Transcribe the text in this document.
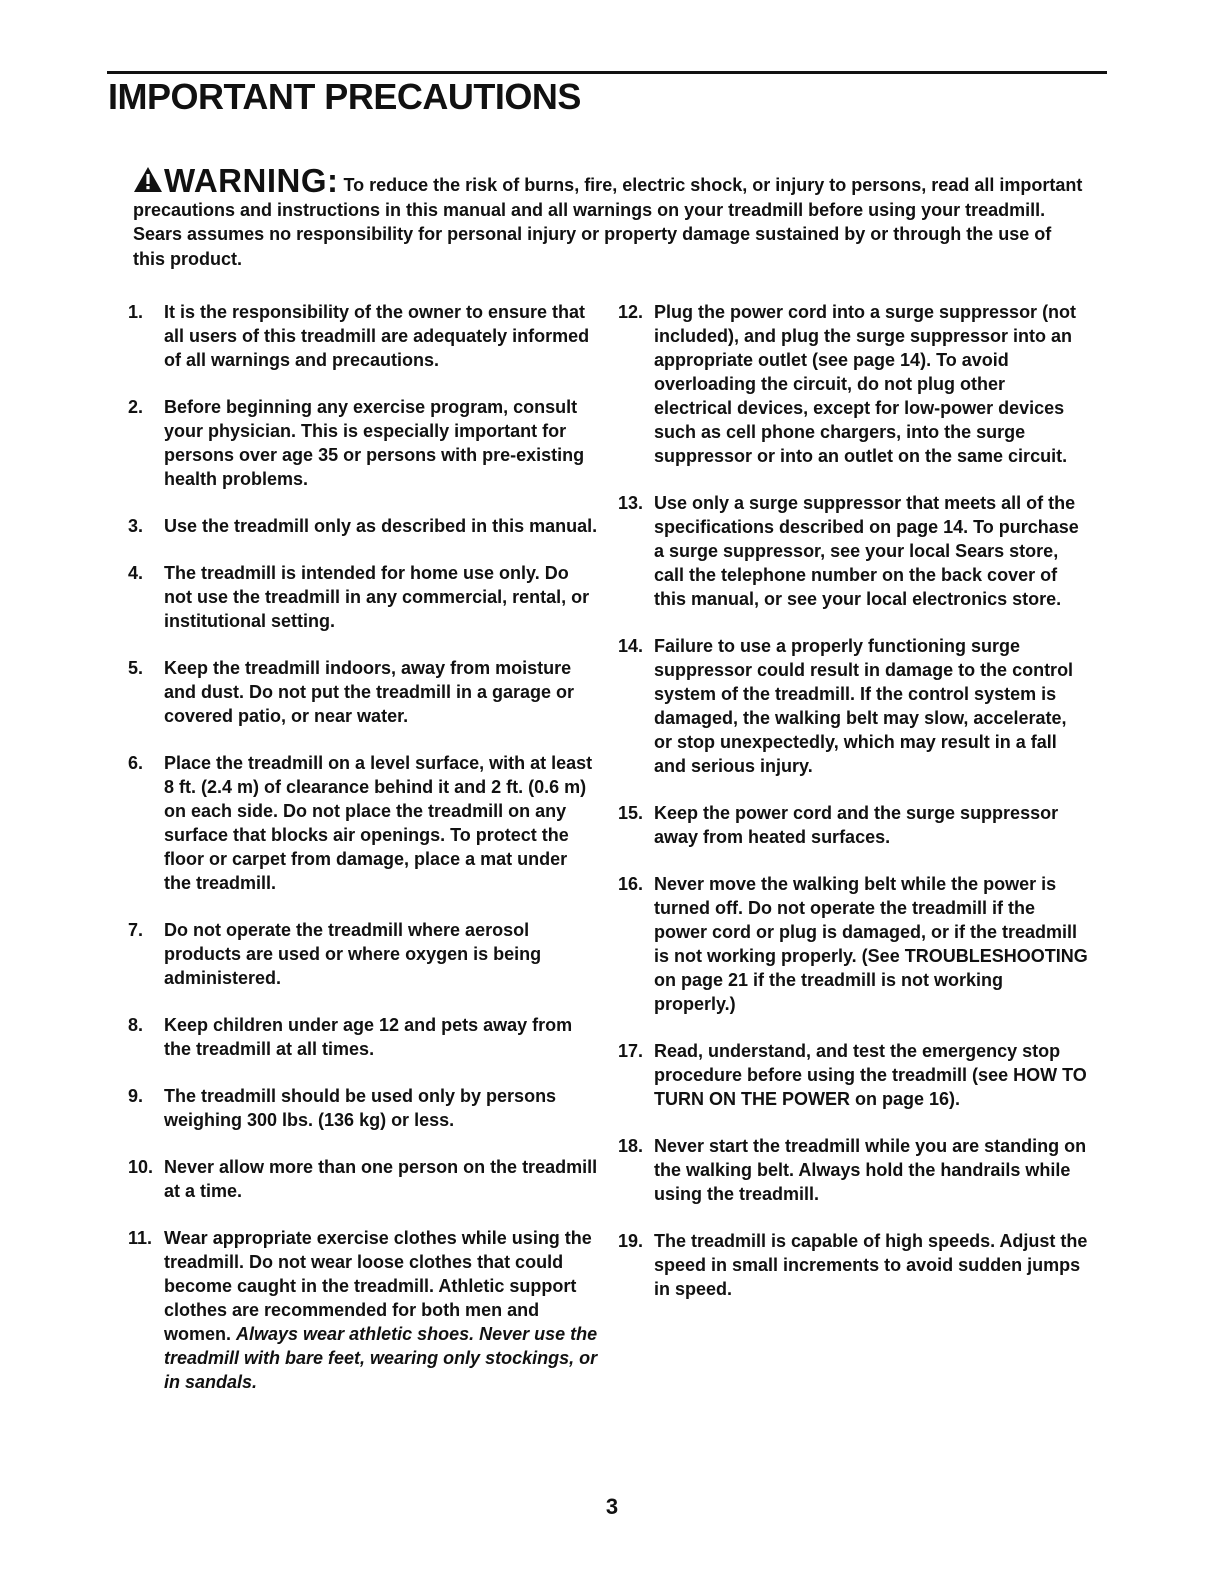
IMPORTANT PRECAUTIONS
WARNING: To reduce the risk of burns, fire, electric shock, or injury to persons, read all important precautions and instructions in this manual and all warnings on your treadmill before using your treadmill. Sears assumes no responsibility for personal injury or property damage sustained by or through the use of this product.
1.	It is the responsibility of the owner to ensure that all users of this treadmill are adequately informed of all warnings and precautions.
2.	Before beginning any exercise program, consult your physician. This is especially important for persons over age 35 or persons with pre-existing health problems.
3.	Use the treadmill only as described in this manual.
4.	The treadmill is intended for home use only. Do not use the treadmill in any commercial, rental, or institutional setting.
5.	Keep the treadmill indoors, away from moisture and dust. Do not put the treadmill in a garage or covered patio, or near water.
6.	Place the treadmill on a level surface, with at least 8 ft. (2.4 m) of clearance behind it and 2 ft. (0.6 m) on each side. Do not place the treadmill on any surface that blocks air openings. To protect the floor or carpet from damage, place a mat under the treadmill.
7.	Do not operate the treadmill where aerosol products are used or where oxygen is being administered.
8.	Keep children under age 12 and pets away from the treadmill at all times.
9.	The treadmill should be used only by persons weighing 300 lbs. (136 kg) or less.
10. Never allow more than one person on the treadmill at a time.
11. Wear appropriate exercise clothes while using the treadmill. Do not wear loose clothes that could become caught in the treadmill. Athletic support clothes are recommended for both men and women. Always wear athletic shoes. Never use the treadmill with bare feet, wearing only stockings, or in sandals.
12. Plug the power cord into a surge suppressor (not included), and plug the surge suppressor into an appropriate outlet (see page 14). To avoid overloading the circuit, do not plug other electrical devices, except for low-power devices such as cell phone chargers, into the surge suppressor or into an outlet on the same circuit.
13. Use only a surge suppressor that meets all of the specifications described on page 14. To purchase a surge suppressor, see your local Sears store, call the telephone number on the back cover of this manual, or see your local electronics store.
14. Failure to use a properly functioning surge suppressor could result in damage to the control system of the treadmill. If the control system is damaged, the walking belt may slow, accelerate, or stop unexpectedly, which may result in a fall and serious injury.
15. Keep the power cord and the surge suppressor away from heated surfaces.
16. Never move the walking belt while the power is turned off. Do not operate the treadmill if the power cord or plug is damaged, or if the treadmill is not working properly. (See TROUBLESHOOTING on page 21 if the treadmill is not working properly.)
17. Read, understand, and test the emergency stop procedure before using the treadmill (see HOW TO TURN ON THE POWER on page 16).
18. Never start the treadmill while you are standing on the walking belt. Always hold the handrails while using the treadmill.
19. The treadmill is capable of high speeds. Adjust the speed in small increments to avoid sudden jumps in speed.
3
